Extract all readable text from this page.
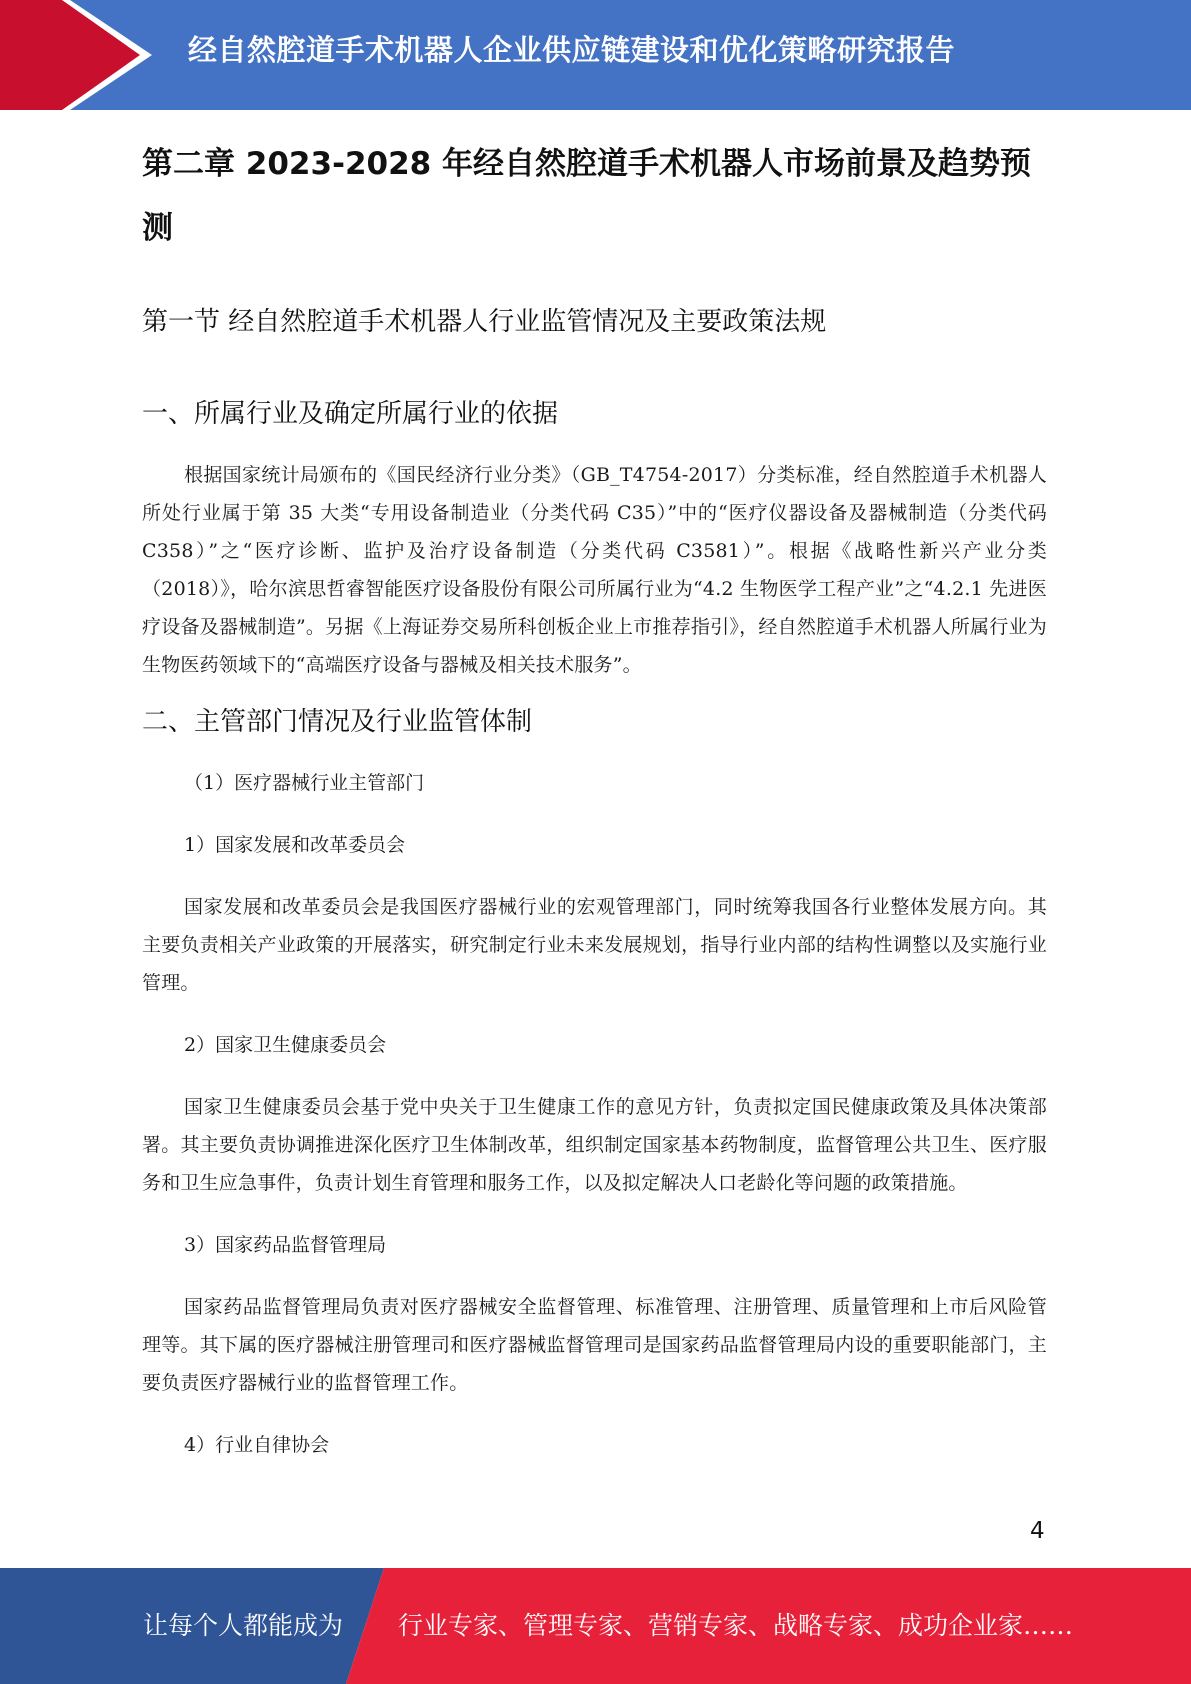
经自然腔道手术机器人企业供应链建设和优化策略研究报告
第二章 2023-2028 年经自然腔道手术机器人市场前景及趋势预
测
第一节 经自然腔道手术机器人行业监管情况及主要政策法规
一、所属行业及确定所属行业的依据

根据国家统计局颁布的《国民经济行业分类》（GB_T4754-2017）分类标准，经自然腔道手术机器人所处行业属于第 35 大类“专用设备制造业（分类代码 C35）”中的“医疗仪器设备及器械制造（分类代码 C358）”之“医疗诊断、监护及治疗设备制造（分类代码 C3581）”。根据《战略性新兴产业分类（2018）》，哈尔滨思哲睿智能医疗设备股份有限公司所属行业为“4.2 生物医学工程产业”之“4.2.1 先进医疗设备及器械制造”。另据《上海证券交易所科创板企业上市推荐指引》，经自然腔道手术机器人所属行业为生物医药领域下的“高端医疗设备与器械及相关技术服务”。

二、主管部门情况及行业监管体制

（1）医疗器械行业主管部门

1）国家发展和改革委员会

国家发展和改革委员会是我国医疗器械行业的宏观管理部门，同时统筹我国各行业整体发展方向。其主要负责相关产业政策的开展落实，研究制定行业未来发展规划，指导行业内部的结构性调整以及实施行业管理。

2）国家卫生健康委员会

国家卫生健康委员会基于党中央关于卫生健康工作的意见方针，负责拟定国民健康政策及具体决策部署。其主要负责协调推进深化医疗卫生体制改革，组织制定国家基本药物制度，监督管理公共卫生、医疗服务和卫生应急事件，负责计划生育管理和服务工作，以及拟定解决人口老龄化等问题的政策措施。

3）国家药品监督管理局

国家药品监督管理局负责对医疗器械安全监督管理、标准管理、注册管理、质量管理和上市后风险管理等。其下属的医疗器械注册管理司和医疗器械监督管理司是国家药品监督管理局内设的重要职能部门，主要负责医疗器械行业的监督管理工作。

4）行业自律协会

4
让每个人都能成为 行业专家、管理专家、营销专家、战略专家、成功企业家……
